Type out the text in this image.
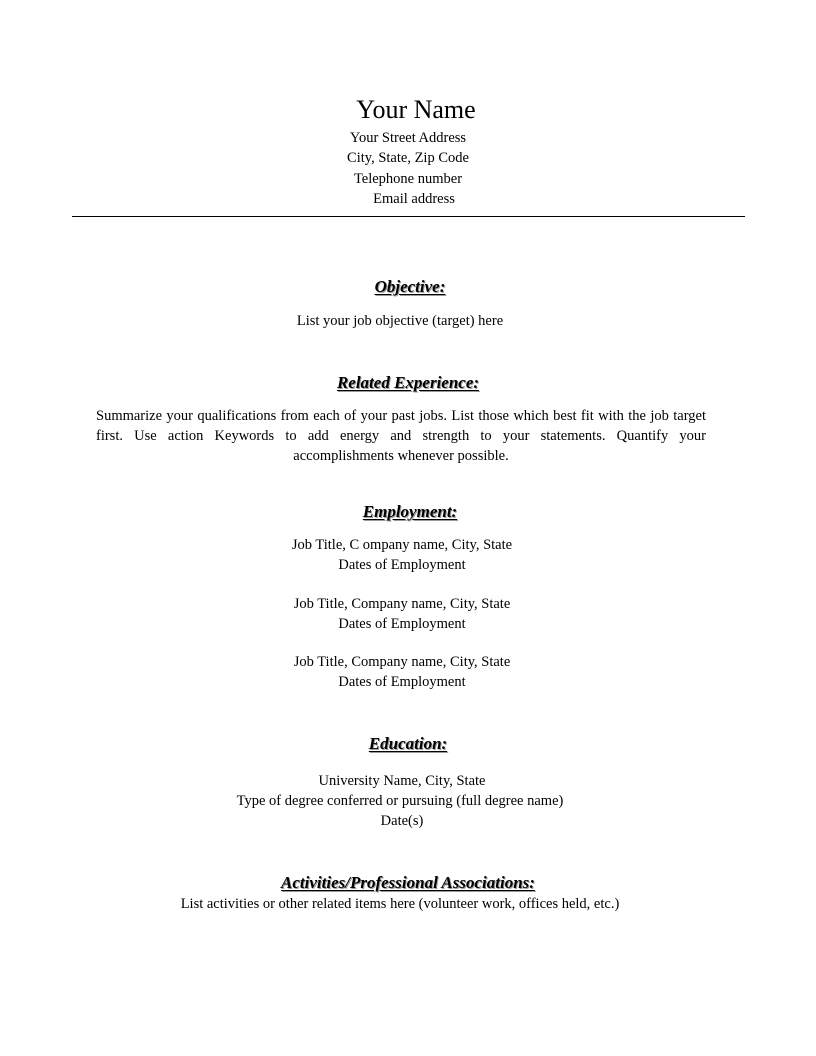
Your Name
Your Street Address
City, State, Zip Code
Telephone number
Email address
Objective:
List your job objective (target) here
Related Experience:
Summarize your qualifications from each of your past jobs. List those which best fit with the job target first. Use action Keywords to add energy and strength to your statements. Quantify your accomplishments whenever possible.
Employment:
Job Title, C ompany name, City, State
Dates of Employment
Job Title, Company name, City, State
Dates of Employment
Job Title, Company name, City, State
Dates of Employment
Education:
University Name, City, State
Type of degree conferred or pursuing (full degree name)
Date(s)
Activities/Professional Associations:
List activities or other related items here (volunteer work, offices held, etc.)
